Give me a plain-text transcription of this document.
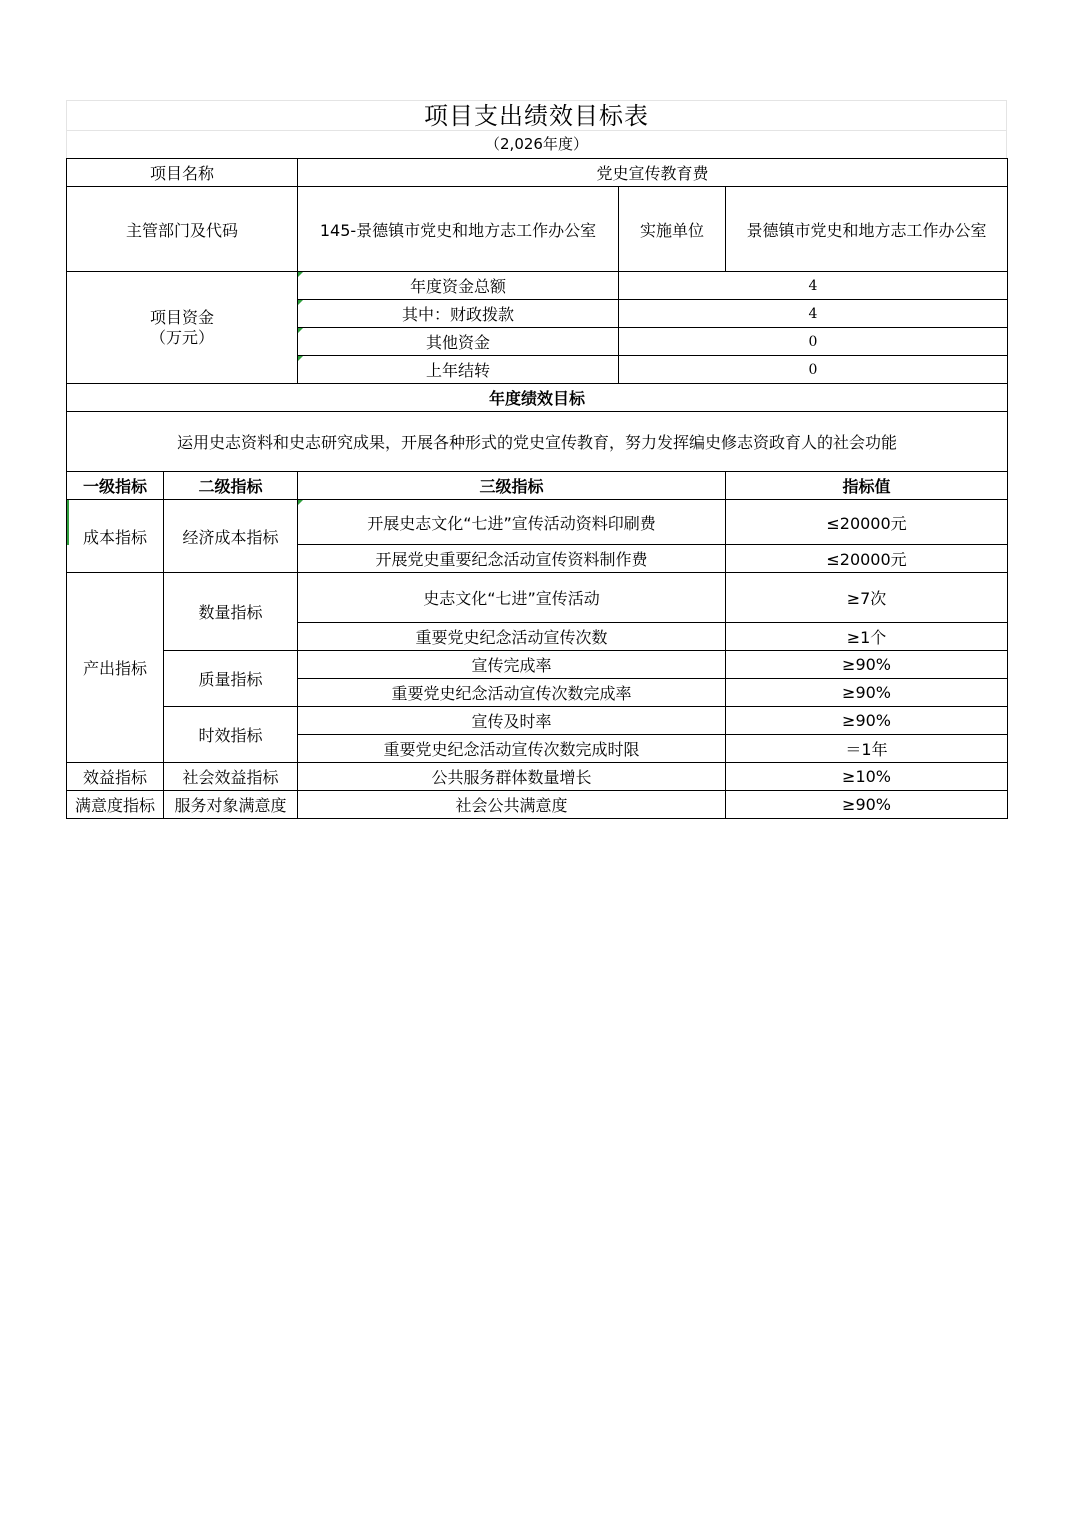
项目支出绩效目标表
（2,026年度）
项目名称		党史宣传教育费		
主管部门及代码		145-景德镇市党史和地方志工作办公室	实施单位	景德镇市党史和地方志工作办公室

项目资金
（万元）		年度资金总额	4	
		其中：财政拨款	4	
		其他资金	0	
		上年结转	0	
年度绩效目标				
运用史志资料和史志研究成果，开展各种形式的党史宣传教育，努力发挥编史修志资政育人的社会功能				
一级指标	二级指标	三级指标		指标值
成本指标	经济成本指标	开展史志文化“七进”宣传活动资料印刷费		≤20000元
		开展党史重要纪念活动宣传资料制作费		≤20000元
产出指标	数量指标	史志文化“七进”宣传活动		≥7次
		重要党史纪念活动宣传次数		≥1个
	质量指标	宣传完成率		≥90%
		重要党史纪念活动宣传次数完成率		≥90%
	时效指标	宣传及时率		≥90%
		重要党史纪念活动宣传次数完成时限		＝1年
效益指标	社会效益指标	公共服务群体数量增长		≥10%
满意度指标	服务对象满意度	社会公共满意度		≥90%
